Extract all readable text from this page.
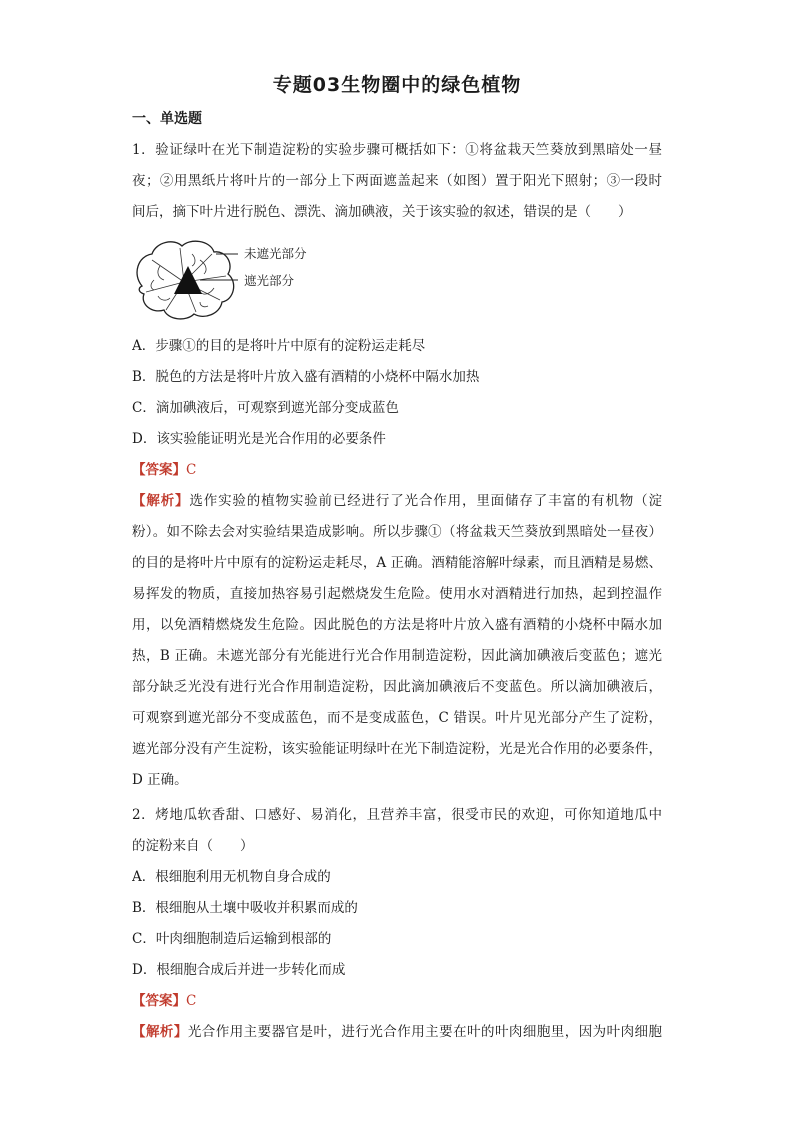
专题03生物圈中的绿色植物
一、单选题
1．验证绿叶在光下制造淀粉的实验步骤可概括如下：①将盆栽天竺葵放到黑暗处一昼
夜；②用黑纸片将叶片的一部分上下两面遮盖起来（如图）置于阳光下照射；③一段时
间后，摘下叶片进行脱色、漂洗、滴加碘液，关于该实验的叙述，错误的是（　　）
未遮光部分
遮光部分
A．步骤①的目的是将叶片中原有的淀粉运走耗尽
B．脱色的方法是将叶片放入盛有酒精的小烧杯中隔水加热
C．滴加碘液后，可观察到遮光部分变成蓝色
D．该实验能证明光是光合作用的必要条件
【答案】C
【解析】选作实验的植物实验前已经进行了光合作用，里面储存了丰富的有机物（淀
粉）。如不除去会对实验结果造成影响。所以步骤①（将盆栽天竺葵放到黑暗处一昼夜）
的目的是将叶片中原有的淀粉运走耗尽，A 正确。酒精能溶解叶绿素，而且酒精是易燃、
易挥发的物质，直接加热容易引起燃烧发生危险。使用水对酒精进行加热，起到控温作
用，以免酒精燃烧发生危险。因此脱色的方法是将叶片放入盛有酒精的小烧杯中隔水加
热，B 正确。未遮光部分有光能进行光合作用制造淀粉，因此滴加碘液后变蓝色；遮光
部分缺乏光没有进行光合作用制造淀粉，因此滴加碘液后不变蓝色。所以滴加碘液后，
可观察到遮光部分不变成蓝色，而不是变成蓝色，C 错误。叶片见光部分产生了淀粉，
遮光部分没有产生淀粉，该实验能证明绿叶在光下制造淀粉，光是光合作用的必要条件，
D 正确。
2．烤地瓜软香甜、口感好、易消化，且营养丰富，很受市民的欢迎，可你知道地瓜中
的淀粉来自（　　）
A．根细胞利用无机物自身合成的
B．根细胞从土壤中吸收并积累而成的
C．叶肉细胞制造后运输到根部的
D．根细胞合成后并进一步转化而成
【答案】C
【解析】光合作用主要器官是叶，进行光合作用主要在叶的叶肉细胞里，因为叶肉细胞
